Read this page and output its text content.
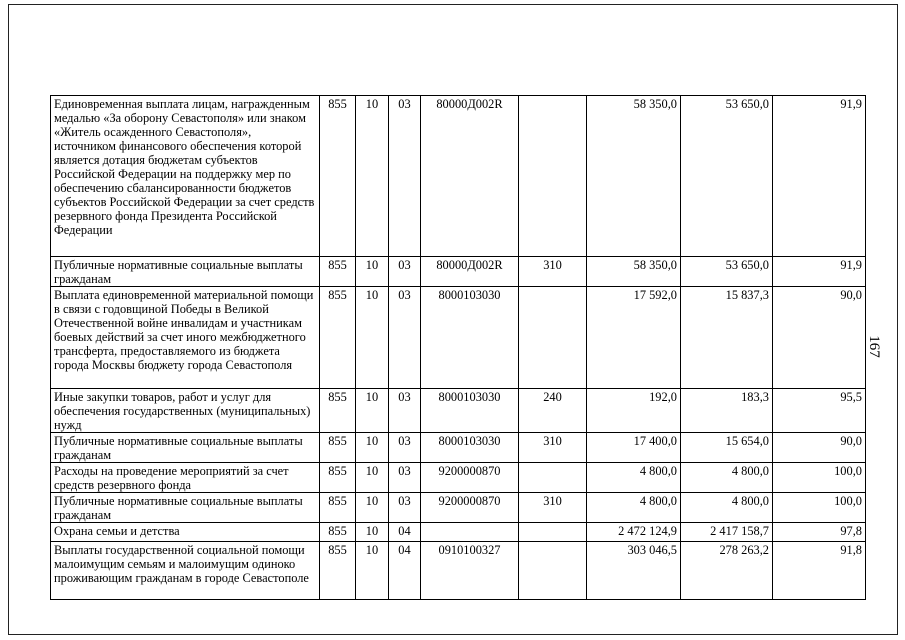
Единовременная выплата лицам, награжденным медалью «За оборону Севастополя» или знаком «Житель осажденного Севастополя», источником финансового обеспечения которой является дотация бюджетам субъектов Российской Федерации на поддержку мер по обеспечению сбалансированности бюджетов субъектов Российской Федерации за счет средств резервного фонда Президента Российской Федерации	855	10	03	80000Д002R		58 350,0	53 650,0	91,9
Публичные нормативные социальные выплаты гражданам	855	10	03	80000Д002R	310	58 350,0	53 650,0	91,9
Выплата единовременной материальной помощи в связи с годовщиной Победы в Великой Отечественной войне инвалидам и участникам боевых действий за счет иного межбюджетного трансферта, предоставляемого из бюджета города Москвы бюджету города Севастополя	855	10	03	8000103030		17 592,0	15 837,3	90,0
Иные закупки товаров, работ и услуг для обеспечения государственных (муниципальных) нужд	855	10	03	8000103030	240	192,0	183,3	95,5
Публичные нормативные социальные выплаты гражданам	855	10	03	8000103030	310	17 400,0	15 654,0	90,0
Расходы на проведение мероприятий за счет средств резервного фонда	855	10	03	9200000870		4 800,0	4 800,0	100,0
Публичные нормативные социальные выплаты гражданам	855	10	03	9200000870	310	4 800,0	4 800,0	100,0
Охрана семьи и детства	855	10	04			2 472 124,9	2 417 158,7	97,8
Выплаты государственной социальной помощи малоимущим семьям и малоимущим одиноко проживающим гражданам в городе Севастополе	855	10	04	0910100327		303 046,5	278 263,2	91,8
167
